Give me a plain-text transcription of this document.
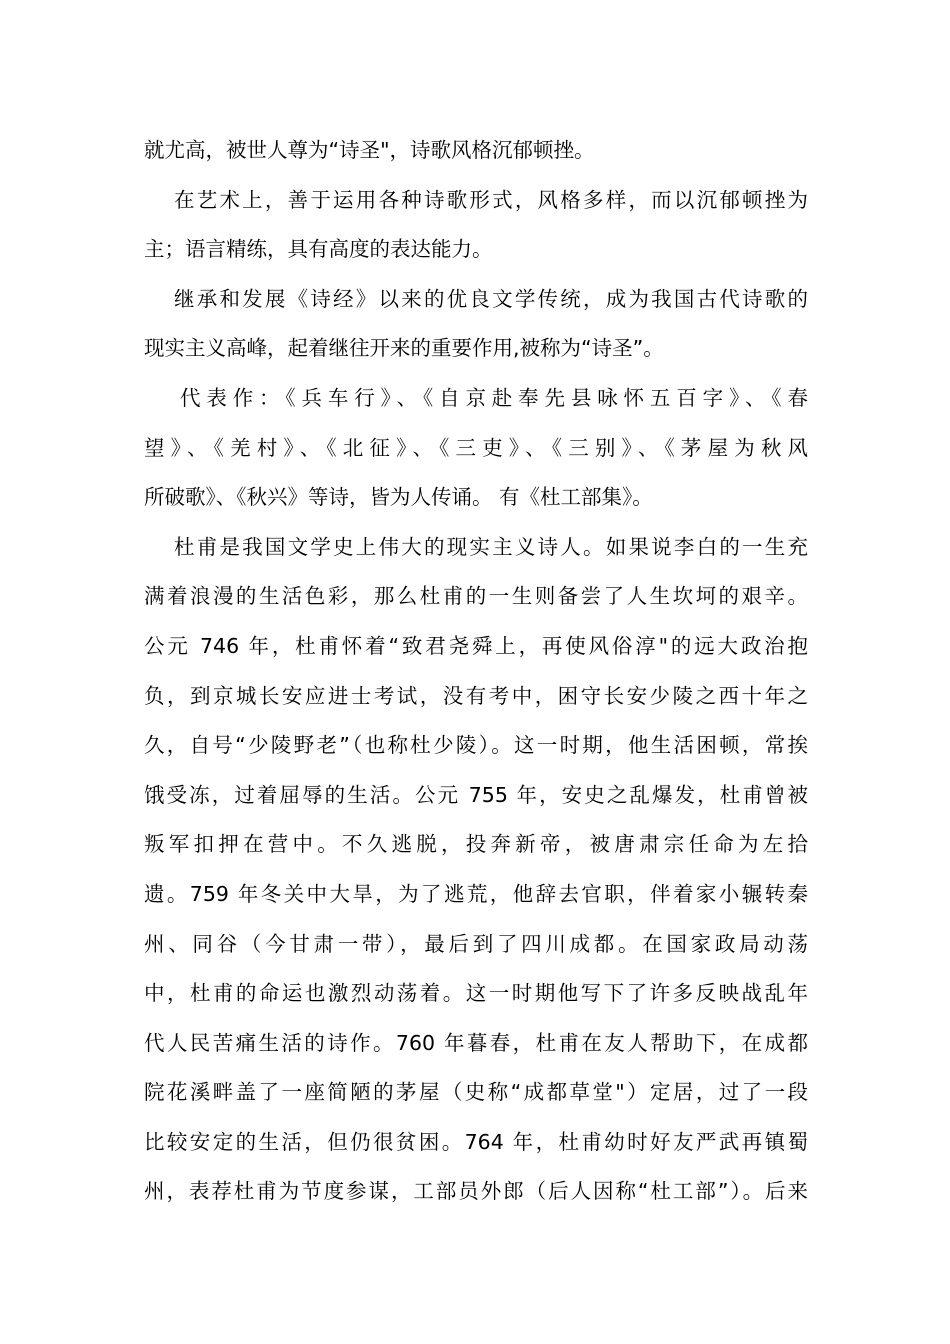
就尤高，被世人尊为“诗圣"，诗歌风格沉郁顿挫。
在艺术上，善于运用各种诗歌形式，风格多样，而以沉郁顿挫为
主；语言精练，具有高度的表达能力。
继承和发展《诗经》以来的优良文学传统，成为我国古代诗歌的
现实主义高峰，起着继往开来的重要作用,被称为“诗圣”。
代表作：《兵车行》、《自京赴奉先县咏怀五百字》、《春
望》、《羌村》、《北征》、《三吏》、《三别》、《茅屋为秋风
所破歌》、《秋兴》等诗，皆为人传诵。 有《杜工部集》。
杜甫是我国文学史上伟大的现实主义诗人。如果说李白的一生充
满着浪漫的生活色彩，那么杜甫的一生则备尝了人生坎坷的艰辛。
公元 746 年，杜甫怀着“致君尧舜上，再使风俗淳"的远大政治抱
负，到京城长安应进士考试，没有考中，困守长安少陵之西十年之
久，自号“少陵野老”（也称杜少陵）。这一时期，他生活困顿，常挨
饿受冻，过着屈辱的生活。公元 755 年，安史之乱爆发，杜甫曾被
叛军扣押在营中。不久逃脱，投奔新帝，被唐肃宗任命为左拾
遗。759 年冬关中大旱，为了逃荒，他辞去官职，伴着家小辗转秦
州、同谷（今甘肃一带），最后到了四川成都。在国家政局动荡
中，杜甫的命运也激烈动荡着。这一时期他写下了许多反映战乱年
代人民苦痛生活的诗作。760 年暮春，杜甫在友人帮助下，在成都
院花溪畔盖了一座简陋的茅屋（史称“成都草堂"）定居，过了一段
比较安定的生活，但仍很贫困。764 年，杜甫幼时好友严武再镇蜀
州，表荐杜甫为节度参谋，工部员外郎（后人因称“杜工部”）。后来
